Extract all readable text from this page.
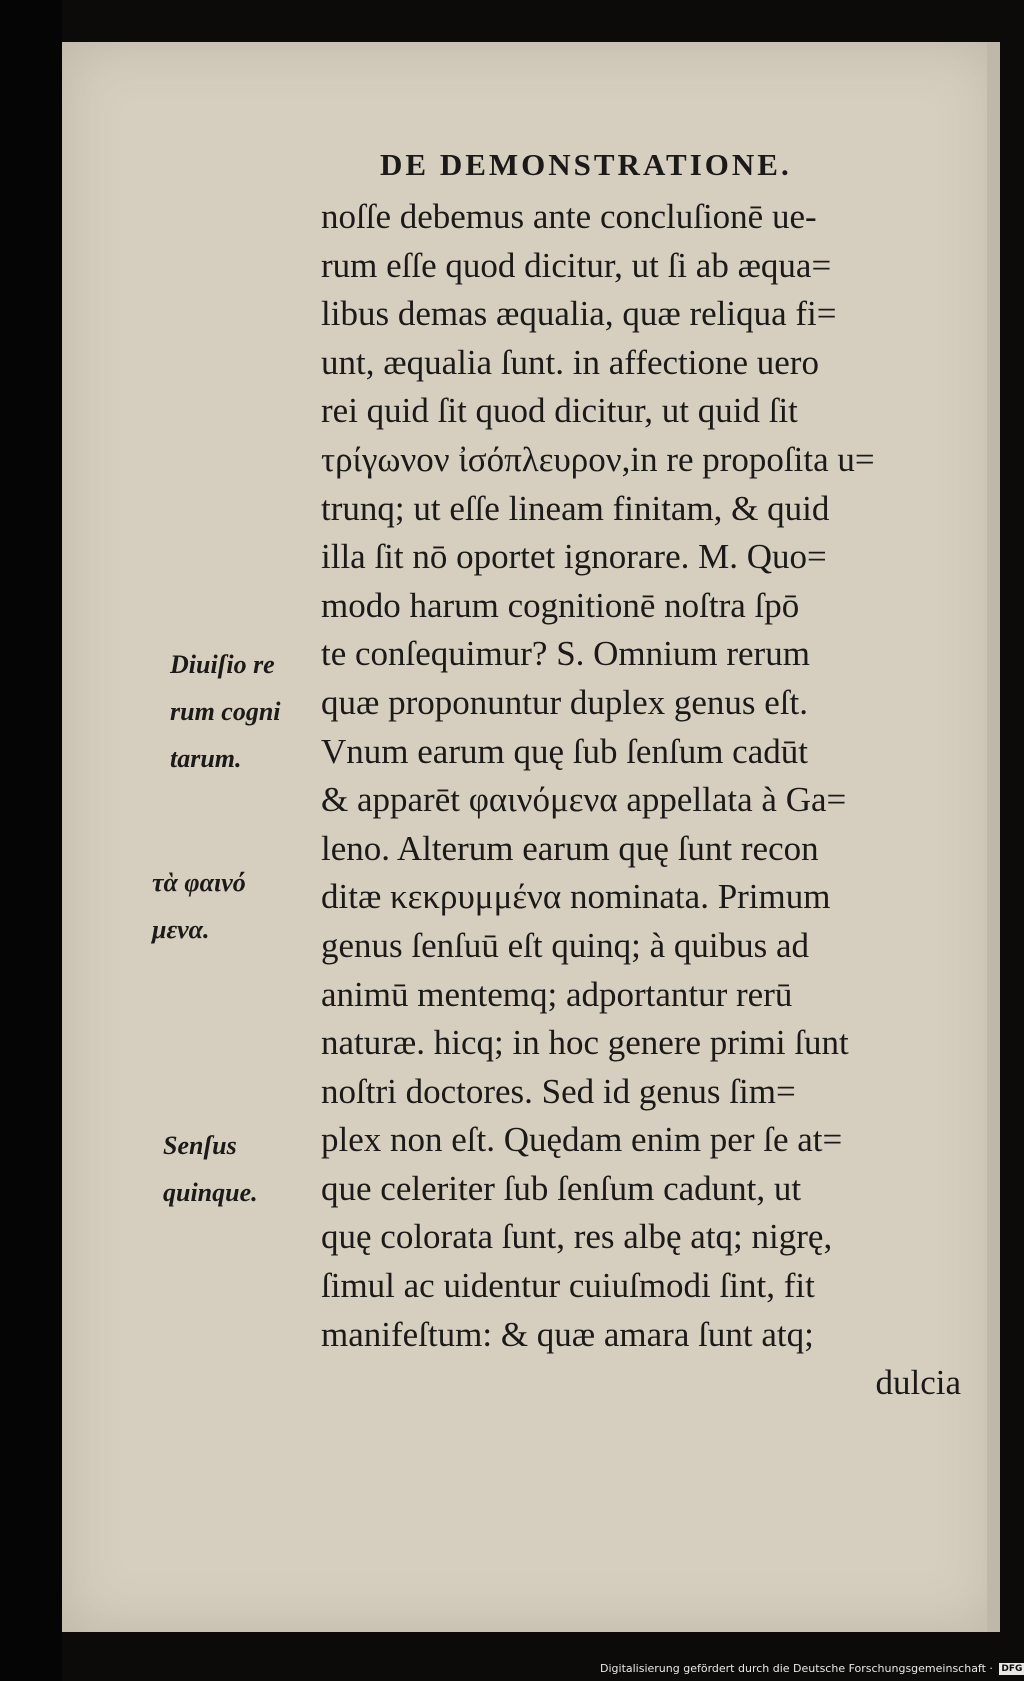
DE DEMONSTRATIONE.
noſſe debemus ante concluſionē ue-
rum eſſe quod dicitur, ut ſi ab æqua=
libus demas æqualia, quæ reliqua fi=
unt, æqualia ſunt. in affectione uero
rei quid ſit quod dicitur, ut quid ſit
τρίγωνον ἰσόπλευρον,in re propoſita u=
trunq; ut eſſe lineam finitam, & quid
illa ſit nō oportet ignorare. M. Quo=
modo harum cognitionē noſtra ſpō
te conſequimur? S. Omnium rerum
quæ proponuntur duplex genus eſt.
Vnum earum quę ſub ſenſum cadūt
& apparēt φαινόμενα appellata à Ga=
leno. Alterum earum quę ſunt recon
ditæ κεκρυμμένα nominata. Primum
genus ſenſuū eſt quinq; à quibus ad
animū mentemq; adportantur rerū
naturæ. hicq; in hoc genere primi ſunt
noſtri doctores. Sed id genus ſim=
plex non eſt. Quędam enim per ſe at=
que celeriter ſub ſenſum cadunt, ut
quę colorata ſunt, res albę atq; nigrę,
ſimul ac uidentur cuiuſmodi ſint, fit
manifeſtum: & quæ amara ſunt atq;
dulcia
Diuiſio re
rum cogni
tarum.
τὰ φαινό
μενα.
Senſus
quinque.
Digitalisierung gefördert durch die Deutsche Forschungsgemeinschaft · DFG
